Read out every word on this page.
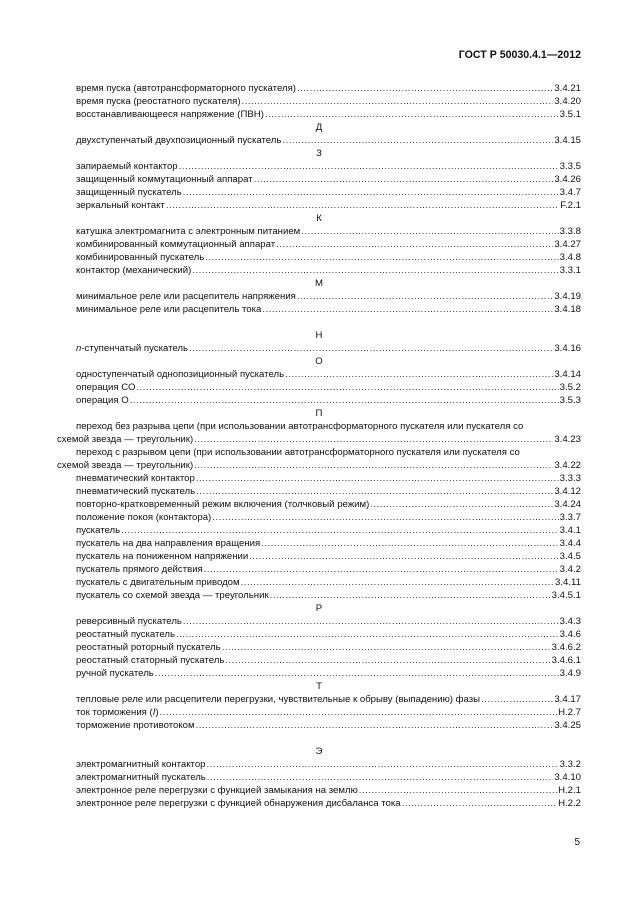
ГОСТ Р 50030.4.1—2012
время пуска (автотрансформаторного пускателя) .....	3.4.21
время пуска (реостатного пускателя) .....	3.4.20
восстанавливающееся напряжение (ПВН) .....	3.5.1
Д
двухступенчатый двухпозиционный пускатель .....	3.4.15
З
запираемый контактор .....	3.3.5
защищенный коммутационный аппарат .....	3.4.26
защищенный пускатель .....	3.4.7
зеркальный контакт .....	F.2.1
К
катушка электромагнита с электронным питанием .....	3.3.8
комбинированный коммутационный аппарат .....	3.4.27
комбинированный пускатель .....	3.4.8
контактор (механический) .....	3.3.1
М
минимальное реле или расцепитель напряжения .....	3.4.19
минимальное реле или расцепитель тока .....	3.4.18
Н
n-ступенчатый пускатель .....	3.4.16
О
одноступенчатый однопозиционный пускатель .....	3.4.14
операция СО .....	3.5.2
операция О .....	3.5.3
П
переход без разрыва цепи (при использовании автотрансформаторного пускателя или пускателя со
схемой звезда — треугольник) .....	3.4.23
переход с разрывом цепи (при использовании автотрансформаторного пускателя или пускателя со
схемой звезда — треугольник) .....	3.4.22
пневматический контактор .....	3.3.3
пневматический пускатель .....	3.4.12
повторно-кратковременный режим включения (толчковый режим) .....	3.4.24
положение покоя (контактора) .....	3.3.7
пускатель .....	3.4.1
пускатель на два направления вращения .....	3.4.4
пускатель на пониженном напряжении .....	3.4.5
пускатель прямого действия .....	3.4.2
пускатель с двигательным приводом .....	3.4.11
пускатель со схемой звезда — треугольник .....	3.4.5.1
Р
реверсивный пускатель .....	3.4.3
реостатный пускатель .....	3.4.6
реостатный роторный пускатель .....	3.4.6.2
реостатный статорный пускатель .....	3.4.6.1
ручной пускатель .....	3.4.9
Т
тепловые реле или расцепители перегрузки, чувствительные к обрыву (выпадению) фазы .....	3.4.17
ток торможения (I) .....	H.2.7
торможение противотоком .....	3.4.25
Э
электромагнитный контактор .....	3.3.2
электромагнитный пускатель .....	3.4.10
электронное реле перегрузки с функцией замыкания на землю .....	H.2.1
электронное реле перегрузки с функцией обнаружения дисбаланса тока .....	H.2.2
5
